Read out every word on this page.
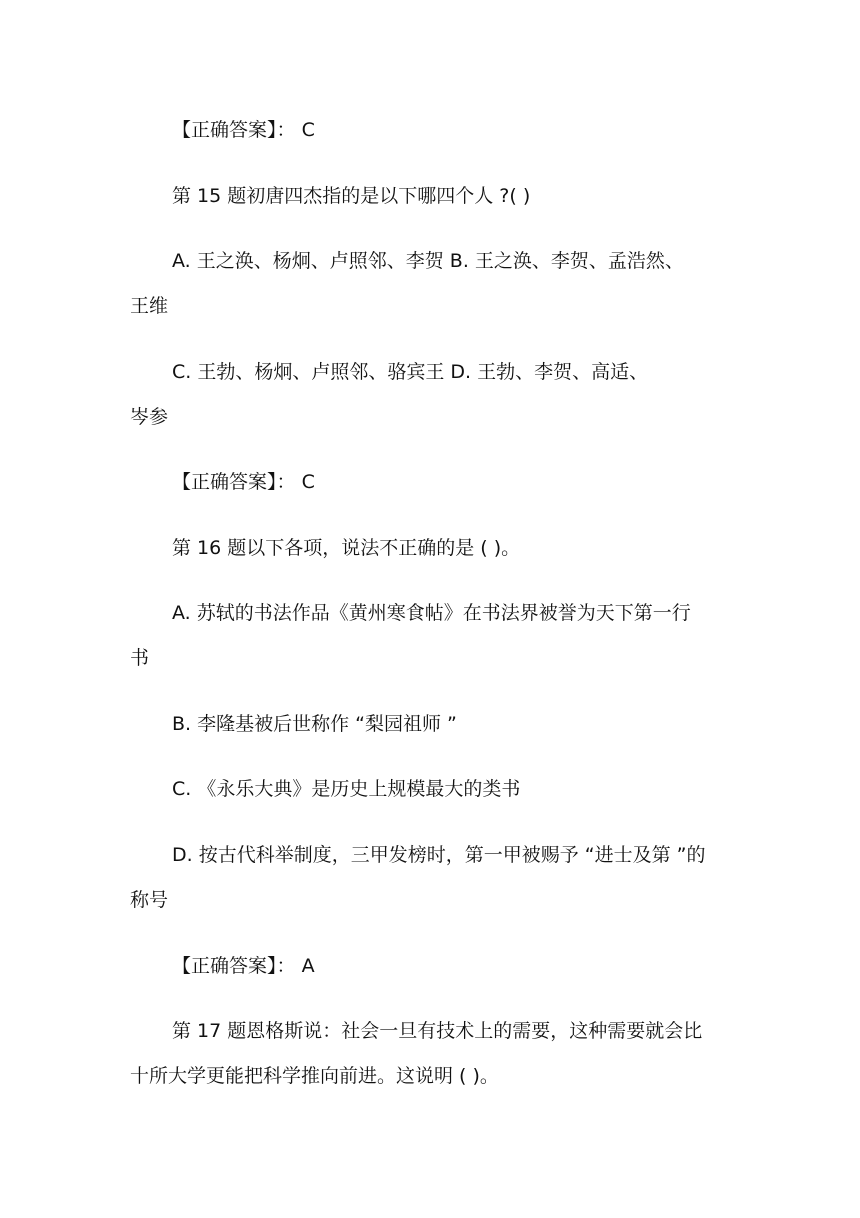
【正确答案】： C
第 15 题初唐四杰指的是以下哪四个人 ?( )
A. 王之涣、杨炯、卢照邻、李贺 B. 王之涣、李贺、孟浩然、
王维
C. 王勃、杨炯、卢照邻、骆宾王 D. 王勃、李贺、高适、
岑参
【正确答案】： C
第 16 题以下各项，说法不正确的是 ( )。
A. 苏轼的书法作品《黄州寒食帖》在书法界被誉为天下第一行
书
B. 李隆基被后世称作 “梨园祖师 ”
C. 《永乐大典》是历史上规模最大的类书
D. 按古代科举制度，三甲发榜时，第一甲被赐予 “进士及第 ”的
称号
【正确答案】： A
第 17 题恩格斯说：社会一旦有技术上的需要，这种需要就会比
十所大学更能把科学推向前进。这说明 ( )。
